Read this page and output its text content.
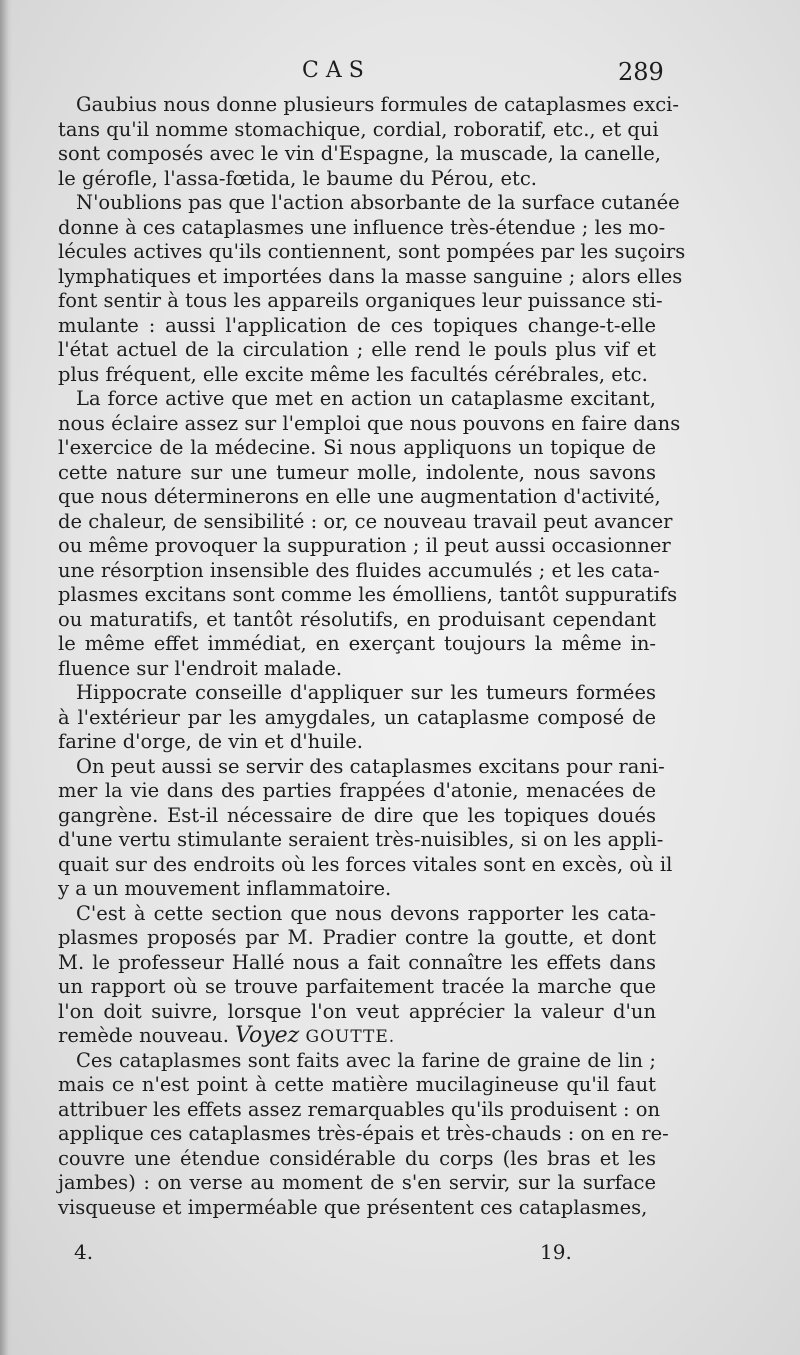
CAS	289
Gaubius nous donne plusieurs formules de cataplasmes exci-
tans qu'il nomme stomachique, cordial, roboratif, etc., et qui
sont composés avec le vin d'Espagne, la muscade, la canelle,
le gérofle, l'assa-fœtida, le baume du Pérou, etc.
N'oublions pas que l'action absorbante de la surface cutanée
donne à ces cataplasmes une influence très-étendue ; les mo-
lécules actives qu'ils contiennent, sont pompées par les suçoirs
lymphatiques et importées dans la masse sanguine ; alors elles
font sentir à tous les appareils organiques leur puissance sti-
mulante : aussi l'application de ces topiques change-t-elle
l'état actuel de la circulation ; elle rend le pouls plus vif et
plus fréquent, elle excite même les facultés cérébrales, etc.
La force active que met en action un cataplasme excitant,
nous éclaire assez sur l'emploi que nous pouvons en faire dans
l'exercice de la médecine. Si nous appliquons un topique de
cette nature sur une tumeur molle, indolente, nous savons
que nous déterminerons en elle une augmentation d'activité,
de chaleur, de sensibilité : or, ce nouveau travail peut avancer
ou même provoquer la suppuration ; il peut aussi occasionner
une résorption insensible des fluides accumulés ; et les cata-
plasmes excitans sont comme les émolliens, tantôt suppuratifs
ou maturatifs, et tantôt résolutifs, en produisant cependant
le même effet immédiat, en exerçant toujours la même in-
fluence sur l'endroit malade.
Hippocrate conseille d'appliquer sur les tumeurs formées
à l'extérieur par les amygdales, un cataplasme composé de
farine d'orge, de vin et d'huile.
On peut aussi se servir des cataplasmes excitans pour rani-
mer la vie dans des parties frappées d'atonie, menacées de
gangrène. Est-il nécessaire de dire que les topiques doués
d'une vertu stimulante seraient très-nuisibles, si on les appli-
quait sur des endroits où les forces vitales sont en excès, où il
y a un mouvement inflammatoire.
C'est à cette section que nous devons rapporter les cata-
plasmes proposés par M. Pradier contre la goutte, et dont
M. le professeur Hallé nous a fait connaître les effets dans
un rapport où se trouve parfaitement tracée la marche que
l'on doit suivre, lorsque l'on veut apprécier la valeur d'un
remède nouveau. Voyez GOUTTE.
Ces cataplasmes sont faits avec la farine de graine de lin ;
mais ce n'est point à cette matière mucilagineuse qu'il faut
attribuer les effets assez remarquables qu'ils produisent : on
applique ces cataplasmes très-épais et très-chauds : on en re-
couvre une étendue considérable du corps (les bras et les
jambes) : on verse au moment de s'en servir, sur la surface
visqueuse et imperméable que présentent ces cataplasmes,
4.	19.
